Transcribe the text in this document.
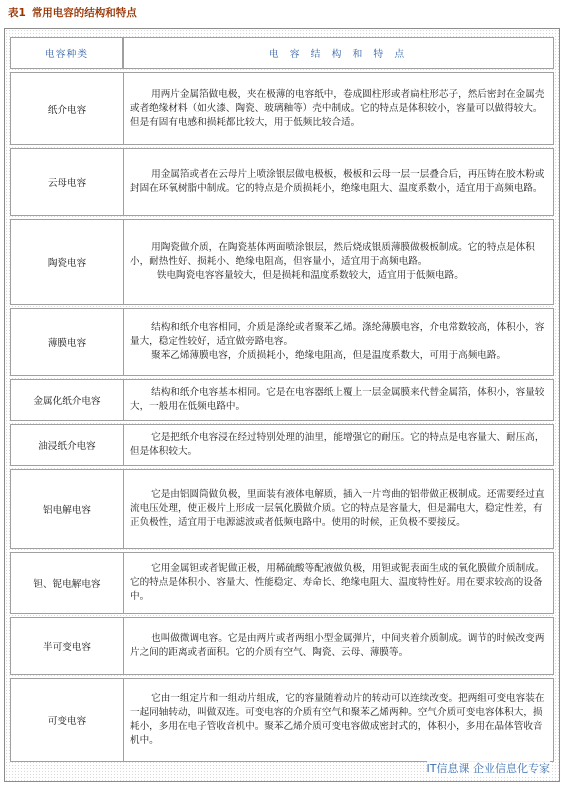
表1 常用电容的结构和特点
电容种类	电 容 结 构 和 特 点
纸介电容	用两片金属箔做电极，夹在极薄的电容纸中，卷成圆柱形或者扁柱形芯子，然后密封在金属壳或者绝缘材料（如火漆、陶瓷、玻璃釉等）壳中制成。它的特点是体积较小，容量可以做得较大。但是有固有电感和损耗都比较大，用于低频比较合适。

云母电容	用金属箔或者在云母片上喷涂银层做电极板，极板和云母一层一层叠合后，再压铸在胶木粉或封固在环氧树脂中制成。它的特点是介质损耗小，绝缘电阻大、温度系数小，适宜用于高频电路。

陶瓷电容	用陶瓷做介质，在陶瓷基体两面喷涂银层，然后烧成银质薄膜做极板制成。它的特点是体积小，耐热性好、损耗小、绝缘电阻高，但容量小，适宜用于高频电路。

铁电陶瓷电容容量较大，但是损耗和温度系数较大，适宜用于低频电路。

薄膜电容	结构和纸介电容相同，介质是涤纶或者聚苯乙烯。涤纶薄膜电容，介电常数较高，体积小，容量大，稳定性较好，适宜做旁路电容。

聚苯乙烯薄膜电容，介质损耗小，绝缘电阻高，但是温度系数大，可用于高频电路。

金属化纸介电容	结构和纸介电容基本相同。它是在电容器纸上覆上一层金属膜来代替金属箔，体积小，容量较大，一般用在低频电路中。

油浸纸介电容	它是把纸介电容浸在经过特别处理的油里，能增强它的耐压。它的特点是电容量大、耐压高，但是体积较大。

铝电解电容	它是由铝圆筒做负极，里面装有液体电解质，插入一片弯曲的铝带做正极制成。还需要经过直流电压处理，使正极片上形成一层氧化膜做介质。它的特点是容量大，但是漏电大，稳定性差，有正负极性，适宜用于电源滤波或者低频电路中。使用的时候，正负极不要接反。

钽、铌电解电容	它用金属钽或者铌做正极，用稀硫酸等配液做负极，用钽或铌表面生成的氧化膜做介质制成。它的特点是体积小、容量大、性能稳定、寿命长、绝缘电阻大、温度特性好。用在要求较高的设备中。

半可变电容	也叫做微调电容。它是由两片或者两组小型金属弹片，中间夹着介质制成。调节的时候改变两片之间的距离或者面积。它的介质有空气、陶瓷、云母、薄膜等。

可变电容	它由一组定片和一组动片组成，它的容量随着动片的转动可以连续改变。把两组可变电容装在一起同轴转动，叫做双连。可变电容的介质有空气和聚苯乙烯两种。空气介质可变电容体积大，损耗小，多用在电子管收音机中。聚苯乙烯介质可变电容做成密封式的，体积小，多用在晶体管收音机中。

IT信息课 企业信息化专家
